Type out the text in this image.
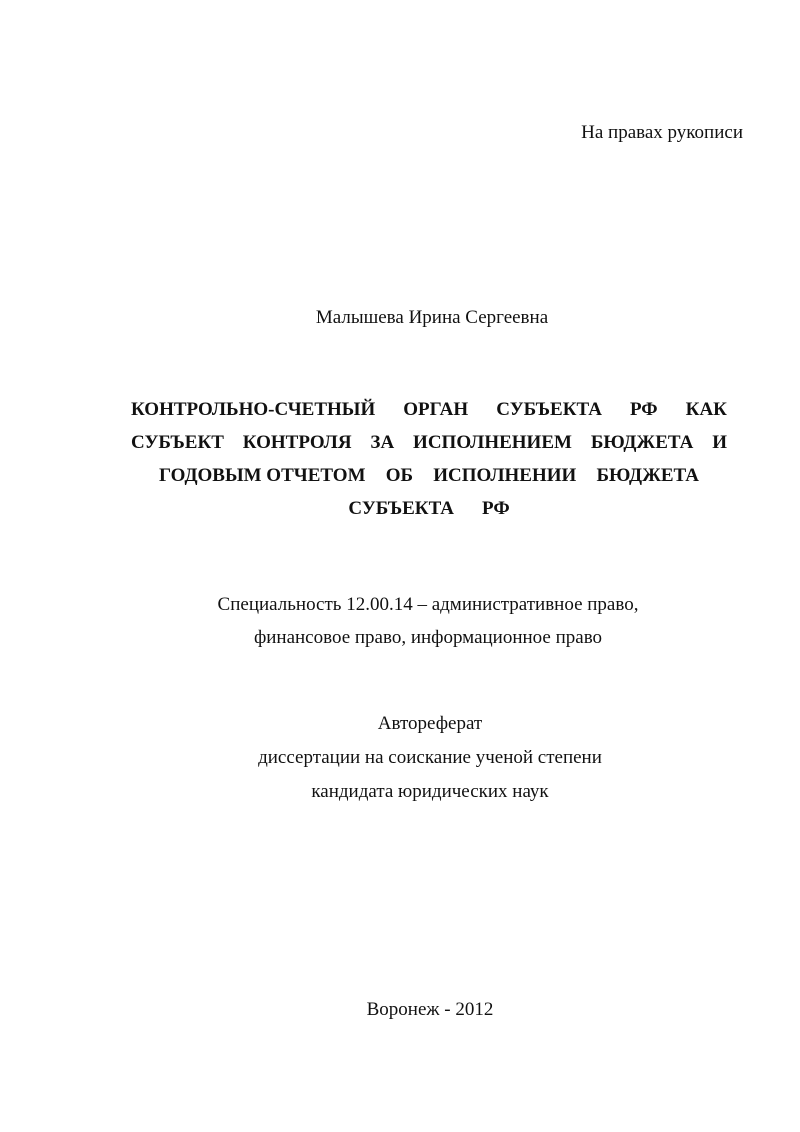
На правах рукописи
Малышева Ирина Сергеевна
КОНТРОЛЬНО-СЧЕТНЫЙ ОРГАН СУБЪЕКТА РФ КАК
СУБЪЕКТ КОНТРОЛЯ ЗА ИСПОЛНЕНИЕМ БЮДЖЕТА И
ГОДОВЫМ ОТЧЕТОМ ОБ ИСПОЛНЕНИИ БЮДЖЕТА
СУБЪЕКТА РФ
Специальность 12.00.14 – административное право,
финансовое право, информационное право
Автореферат
диссертации на соискание ученой степени
кандидата юридических наук
Воронеж - 2012
